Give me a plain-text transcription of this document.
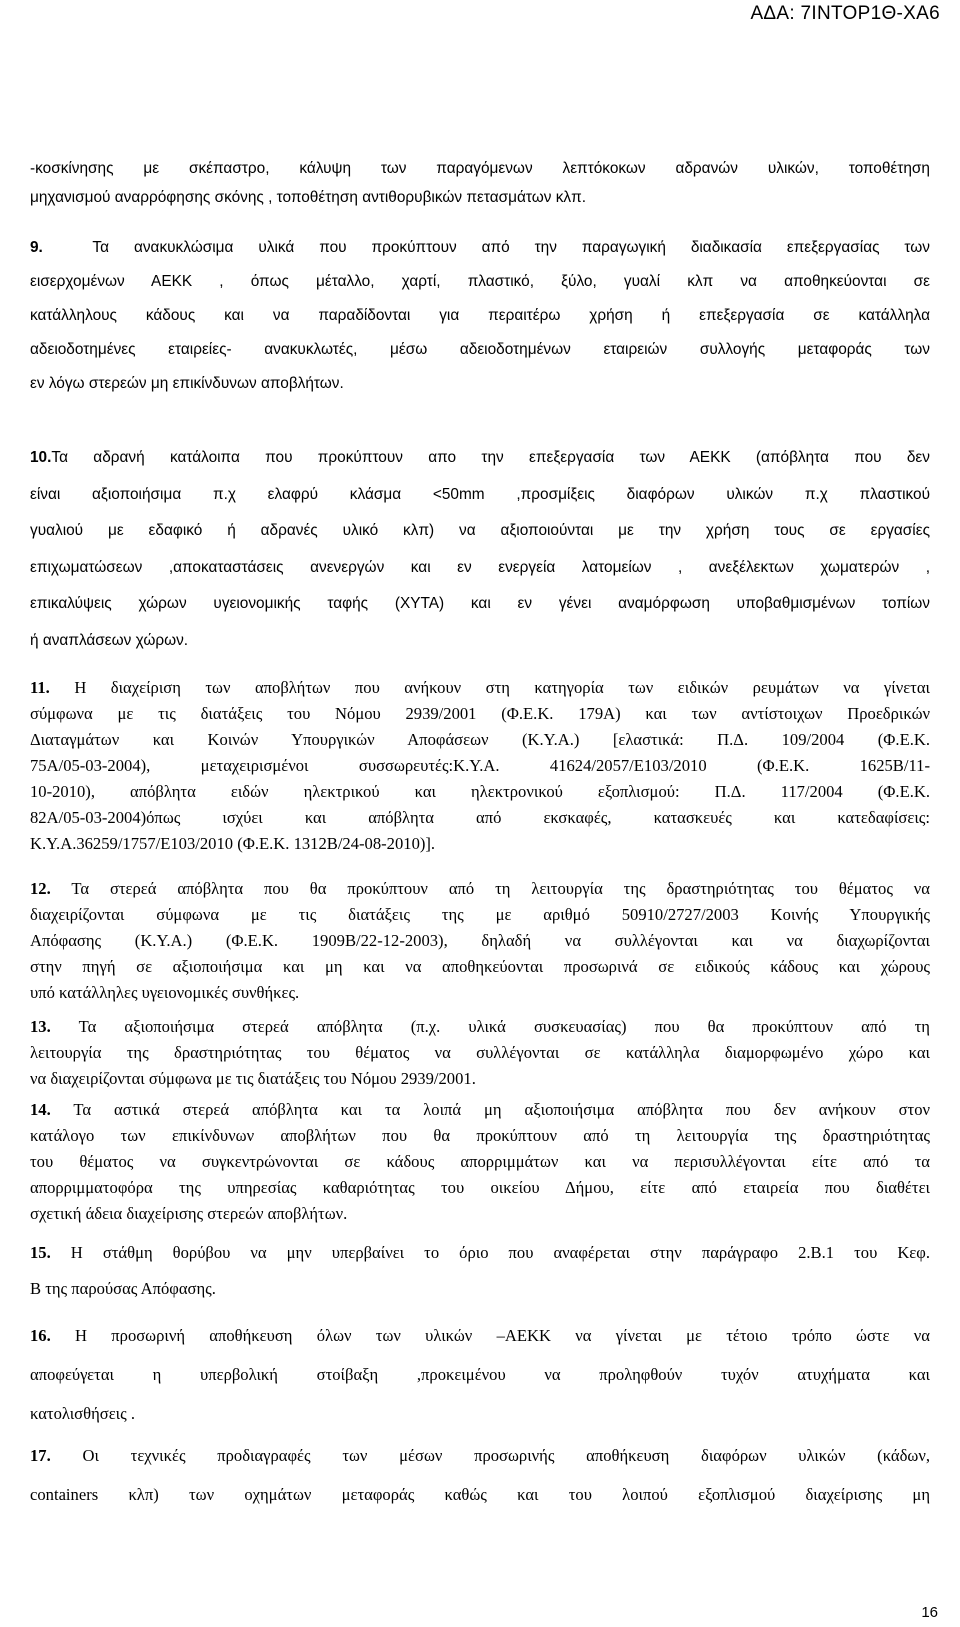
ΑΔΑ: 7ΙΝΤΟΡ1Θ-ΧΑ6
-κοσκίνησης με σκέπαστρο, κάλυψη των παραγόμενων λεπτόκοκων αδρανών υλικών, τοποθέτηση
μηχανισμού αναρρόφησης σκόνης , τοποθέτηση αντιθορυβικών πετασμάτων κλπ.
9.	Τα ανακυκλώσιμα υλικά που προκύπτουν από την παραγωγική διαδικασία επεξεργασίας των
εισερχομένων ΑΕΚΚ , όπως μέταλλο, χαρτί, πλαστικό, ξύλο, γυαλί κλπ να αποθηκεύονται σε
κατάλληλους κάδους και να παραδίδονται για περαιτέρω χρήση ή επεξεργασία σε κατάλληλα
αδειοδοτημένες εταιρείες- ανακυκλωτές, μέσω αδειοδοτημένων εταιρειών συλλογής μεταφοράς των
εν λόγω στερεών μη επικίνδυνων αποβλήτων.
10.Τα αδρανή κατάλοιπα που προκύπτουν απο την επεξεργασία των ΑΕΚΚ (απόβλητα που δεν
είναι αξιοποιήσιμα π.χ ελαφρύ κλάσμα <50mm ,προσμίξεις διαφόρων υλικών π.χ πλαστικού
γυαλιού με εδαφικό ή αδρανές υλικό κλπ) να αξιοποιούνται με την χρήση τους σε εργασίες
επιχωματώσεων ,αποκαταστάσεις ανενεργών και εν ενεργεία λατομείων , ανεξέλεκτων χωματερών ,
επικαλύψεις χώρων υγειονομικής ταφής (ΧΥΤΑ) και εν γένει αναμόρφωση υποβαθμισμένων τοπίων
ή αναπλάσεων χώρων.
11. Η διαχείριση των αποβλήτων που ανήκουν στη κατηγορία των ειδικών ρευμάτων να γίνεται
σύμφωνα με τις διατάξεις του Νόμου 2939/2001 (Φ.Ε.Κ. 179Α) και των αντίστοιχων Προεδρικών
Διαταγμάτων και Κοινών Υπουργικών Αποφάσεων (Κ.Υ.Α.) [ελαστικά: Π.Δ. 109/2004 (Φ.Ε.Κ.
75Α/05-03-2004), μεταχειρισμένοι συσσωρευτές:Κ.Υ.Α. 41624/2057/Ε103/2010 (Φ.Ε.Κ. 1625Β/11-
10-2010), απόβλητα ειδών ηλεκτρικού και ηλεκτρονικού εξοπλισμού: Π.Δ. 117/2004 (Φ.Ε.Κ.
82Α/05-03-2004)όπως ισχύει και απόβλητα από εκσκαφές, κατασκευές και κατεδαφίσεις:
Κ.Υ.Α.36259/1757/Ε103/2010 (Φ.Ε.Κ. 1312Β/24-08-2010)].
12. Τα στερεά απόβλητα που θα προκύπτουν από τη λειτουργία της δραστηριότητας του θέματος να
διαχειρίζονται σύμφωνα με τις διατάξεις της με αριθμό 50910/2727/2003 Κοινής Υπουργικής
Απόφασης (Κ.Υ.Α.) (Φ.Ε.Κ. 1909Β/22-12-2003), δηλαδή να συλλέγονται και να διαχωρίζονται
στην πηγή σε αξιοποιήσιμα και μη και να αποθηκεύονται προσωρινά σε ειδικούς κάδους και χώρους
υπό κατάλληλες υγειονομικές συνθήκες.
13. Τα αξιοποιήσιμα στερεά απόβλητα (π.χ. υλικά συσκευασίας) που θα προκύπτουν από τη
λειτουργία της δραστηριότητας του θέματος να συλλέγονται σε κατάλληλα διαμορφωμένο χώρο και
να διαχειρίζονται σύμφωνα με τις διατάξεις του Νόμου 2939/2001.
14. Τα αστικά στερεά απόβλητα και τα λοιπά μη αξιοποιήσιμα απόβλητα που δεν ανήκουν στον
κατάλογο των επικίνδυνων αποβλήτων που θα προκύπτουν από τη λειτουργία της δραστηριότητας
του θέματος να συγκεντρώνονται σε κάδους απορριμμάτων και να περισυλλέγονται είτε από τα
απορριμματοφόρα της υπηρεσίας καθαριότητας του οικείου Δήμου, είτε από εταιρεία που διαθέτει
σχετική άδεια διαχείρισης στερεών αποβλήτων.
15. Η στάθμη θορύβου να μην υπερβαίνει το όριο που αναφέρεται στην παράγραφο 2.Β.1 του Κεφ.
Β της παρούσας Απόφασης.
16. Η προσωρινή αποθήκευση όλων των υλικών –ΑΕΚΚ να γίνεται με τέτοιο τρόπο ώστε να
αποφεύγεται η υπερβολική στοίβαξη ,προκειμένου να προληφθούν τυχόν ατυχήματα και
κατολισθήσεις .
17. Οι τεχνικές προδιαγραφές των μέσων προσωρινής αποθήκευση διαφόρων υλικών (κάδων,
containers κλπ) των οχημάτων μεταφοράς καθώς και του λοιπού εξοπλισμού διαχείρισης μη
16
